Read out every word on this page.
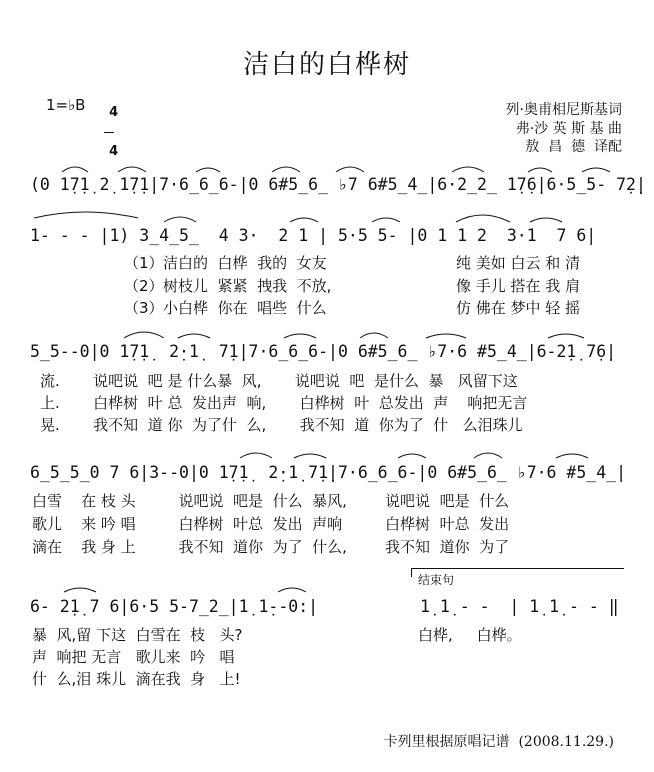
洁白的白桦树
1=♭B	4

4

列·奥甫相尼斯基词
弗·沙 英 斯 基 曲
敖  昌  德  译配
(0 1̣7̣1̣ 2̣ 1̣7̣1̣|7·6̲6̲6-|0 6#5̲6̲ ♭7 6#5̲4̲|6·2̲2̲ 1̣7̣6̣|6·5̲5- 7̣2̣|
1- - - |1) 3̲4̲5̲  4 3·  2 1 | 5·5 5- |0 1 1 2  3·1  7 6|
（1）
（2）
（3）
洁白的  白桦  我的  女友
树枝儿  紧紧  拽我  不放,
小白桦  你在  唱些  什么
纯 美如 白云 和 清
像 手儿 搭在 我 肩
仿 佛在 梦中 轻 摇
5̲5--0|0 1̣7̣1̣  2̣·1̣  7̣1̣|7·6̲6̲6-|0 6#5̲6̲ ♭7·6 #5̲4̲|6-2̣1̣ 7̣6̣|
流.       说吧说  吧 是 什么暴  风,       说吧说  吧  是什么  暴   风留下这
上.       白桦树  叶 总  发出声  响,       白桦树  叶  总发出  声    响把无言
晃.       我不知  道 你  为了什  么,       我不知  道  你为了  什   么泪珠儿
6̲5̲5̲0 7 6|3--0|0 1̣7̣1̣  2̣·1̣ 7̣1̣|7·6̲6̲6-|0 6#5̲6̲ ♭7·6 #5̲4̲|
白雪    在 枝 头         说吧说  吧是  什么  暴风,        说吧说  吧是  什么
歌儿    来 吟 唱         白桦树  叶总  发出  声响         白桦树  叶总  发出
滴在    我 身 上         我不知  道你  为了  什么,        我不知  道你  为了
结束句
6- 2̣1̣ 7 6|6·5 5-7̲2̲|1̣ 1̣--0:|	1̣ 1̣ - -  | 1̣ 1̣ - - ‖
暴  风,留 下这  白雪在  枝   头?
声  响把 无言   歌儿来  吟   唱
什  么,泪 珠儿  滴在我  身   上!
白桦,     白桦。
卡列里根据原唱记谱  (2008.11.29.)
